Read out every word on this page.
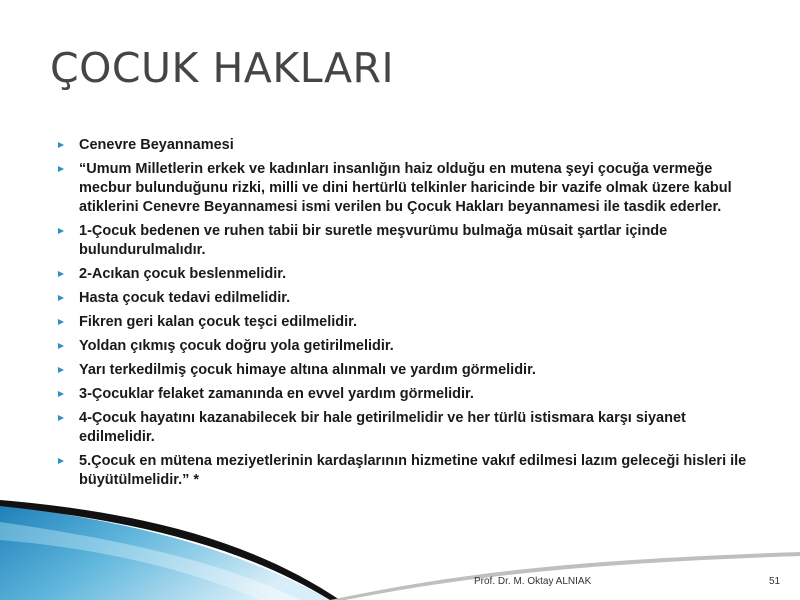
ÇOCUK HAKLARI
Cenevre Beyannamesi
“Umum Milletlerin erkek ve kadınları insanlığın haiz olduğu en mutena şeyi çocuğa vermeğe mecbur bulunduğunu rizki, milli ve dini hertürlü telkinler haricinde bir vazife olmak üzere kabul atiklerini Cenevre Beyannamesi ismi verilen bu Çocuk Hakları beyannamesi ile tasdik ederler.
1-Çocuk bedenen ve ruhen tabii bir suretle meşvurümu bulmağa müsait şartlar içinde bulundurulmalıdır.
2-Acıkan çocuk beslenmelidir.
Hasta çocuk tedavi edilmelidir.
Fikren geri kalan çocuk teşci edilmelidir.
Yoldan çıkmış çocuk doğru yola getirilmelidir.
Yarı terkedilmiş çocuk himaye altına alınmalı ve yardım görmelidir.
3-Çocuklar felaket zamanında en evvel yardım görmelidir.
4-Çocuk hayatını kazanabilecek bir hale getirilmelidir ve her türlü istismara karşı siyanet edilmelidir.
5.Çocuk en mütena meziyetlerinin kardaşlarının hizmetine vakıf edilmesi lazım geleceği hisleri ile büyütülmelidir.” *
Prof. Dr. M. Oktay ALNIAK	51
